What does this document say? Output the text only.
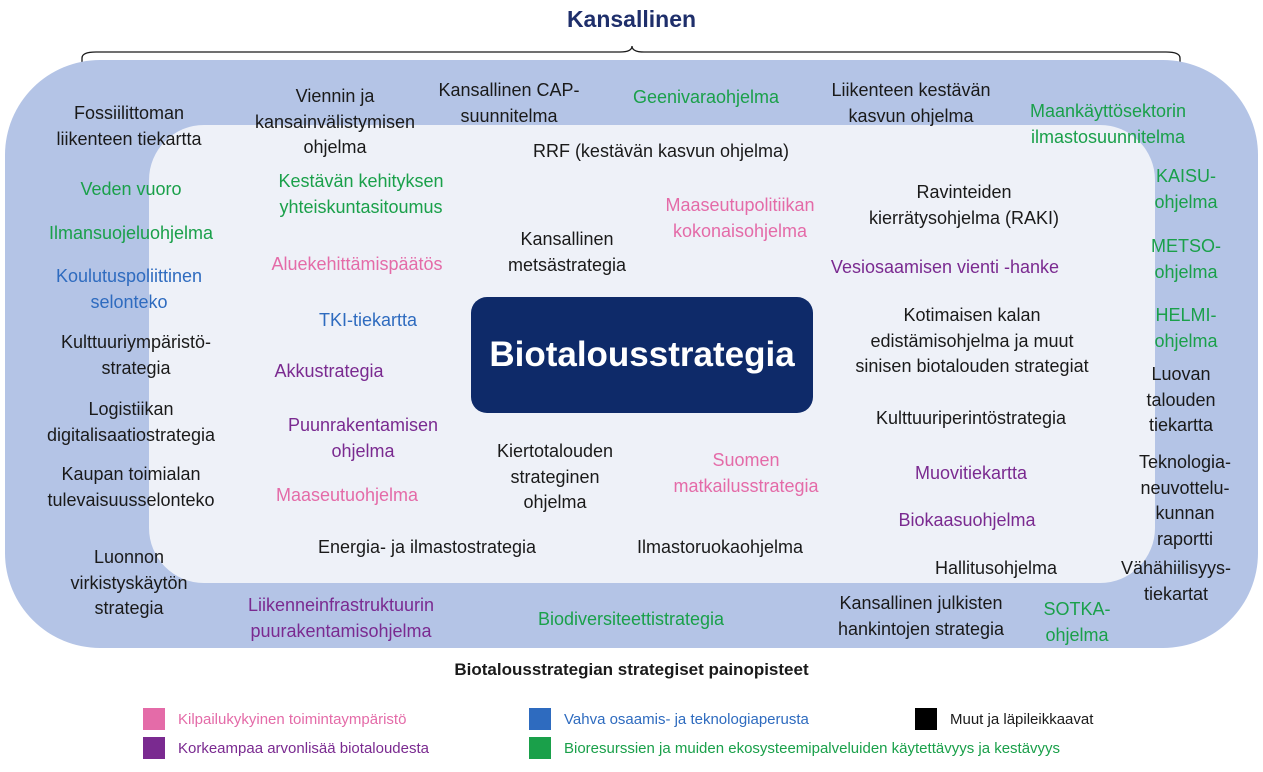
Kansallinen
Biotalousstrategia
Fossiilittoman
liikenteen tiekartta
Viennin ja
kansainvälistymisen
ohjelma
Kansallinen CAP-
suunnitelma
Geenivaraohjelma	Liikenteen kestävän
kasvun ohjelma	Maankäyttösektorin
ilmastosuunnitelma
RRF (kestävän kasvun ohjelma)
Veden vuoro	Kestävän kehityksen
yhteiskuntasitoumus	Maaseutupolitiikan
kokonaisohjelma
Ravinteiden
kierrätysohjelma (RAKI)
KAISU-
ohjelma
Ilmansuojeluohjelma	Kansallinen
metsästrategia
METSO-
ohjelma
Aluekehittämispäätös	Vesiosaamisen vienti -hanke
Koulutuspoliittinen
selonteko
TKI-tiekartta	Kotimaisen kalan
edistämisohjelma ja muut
sinisen biotalouden strategiat
HELMI-
ohjelma
Kulttuuriympäristö-
strategia	Akkustrategia	Luovan
talouden
tiekartta
Logistiikan
digitalisaatiostrategia
Kulttuuriperintöstrategia
Puunrakentamisen
ohjelma	Kiertotalouden
strateginen
ohjelma
Suomen
matkailusstrategia
Teknologia-
neuvottelu-
kunnan
raportti
Kaupan toimialan
tulevaisuusselonteko
Muovitiekartta
Maaseutuohjelma
Biokaasuohjelma
Luonnon
virkistyskäytön
strategia
Energia- ja ilmastostrategia	Ilmastoruokaohjelma
Hallitusohjelma	Vähähiilisyys-
tiekartat
Liikenneinfrastruktuurin
puurakentamisohjelma
Biodiversiteettistrategia
Kansallinen julkisten
hankintojen strategia
SOTKA-
ohjelma
Biotalousstrategian strategiset painopisteet
Kilpailukykyinen toimintaympäristö	Vahva osaamis- ja teknologiaperusta	Muut ja läpileikkaavat
Korkeampaa arvonlisää biotaloudesta	Bioresurssien ja muiden ekosysteemipalveluiden käytettävyys ja kestävyys
